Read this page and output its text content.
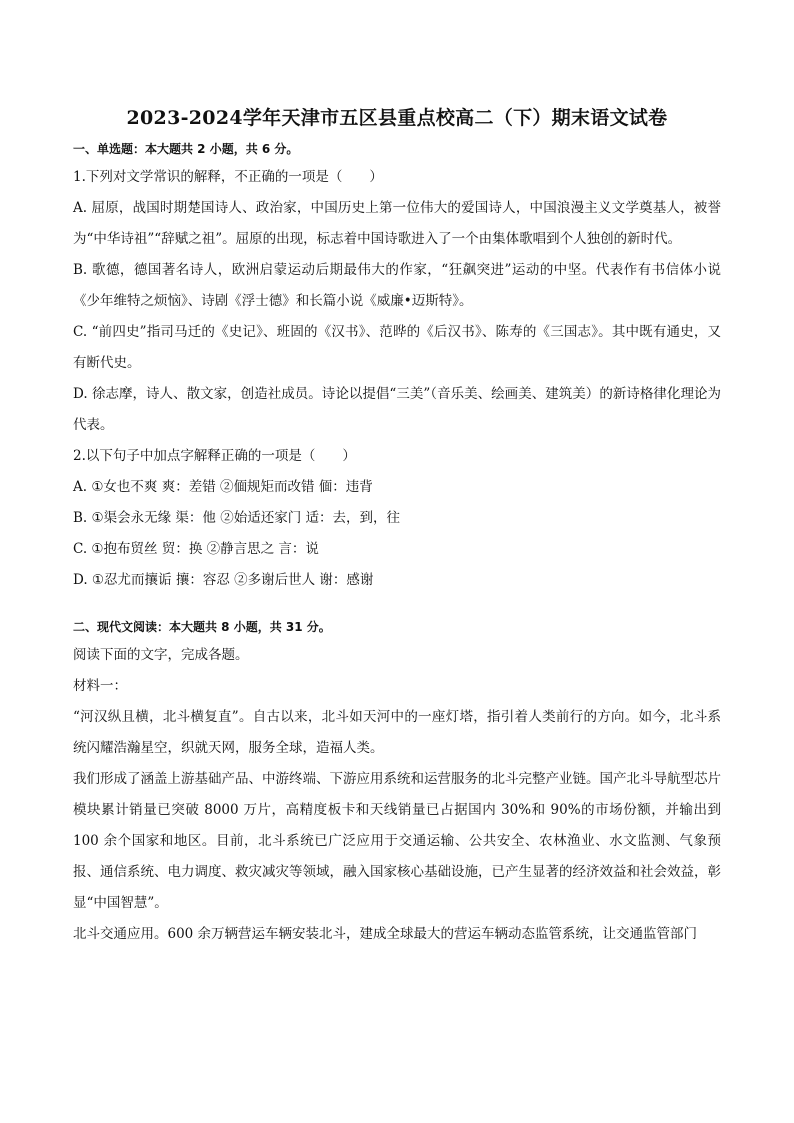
2023-2024学年天津市五区县重点校高二（下）期末语文试卷
一、单选题：本大题共 2 小题，共 6 分。

1.下列对文学常识的解释，不正确的一项是（　　）

A. 屈原，战国时期楚国诗人、政治家，中国历史上第一位伟大的爱国诗人，中国浪漫主义文学奠基人，被誉为“中华诗祖”“辞赋之祖”。屈原的出现，标志着中国诗歌进入了一个由集体歌唱到个人独创的新时代。

B. 歌德，德国著名诗人，欧洲启蒙运动后期最伟大的作家，“狂飙突进”运动的中坚。代表作有书信体小说《少年维特之烦恼》、诗剧《浮士德》和长篇小说《威廉•迈斯特》。

C. “前四史”指司马迁的《史记》、班固的《汉书》、范晔的《后汉书》、陈寿的《三国志》。其中既有通史，又有断代史。

D. 徐志摩，诗人、散文家，创造社成员。诗论以提倡“三美”（音乐美、绘画美、建筑美）的新诗格律化理论为代表。

2.以下句子中加点字解释正确的一项是（　　）

A. ①女也不爽 爽：差错 ②偭规矩而改错 偭：违背

B. ①渠会永无缘 渠：他 ②始适还家门 适：去，到，往

C. ①抱布贸丝 贸：换 ②静言思之 言：说

D. ①忍尤而攘诟 攘：容忍 ②多谢后世人 谢：感谢

二、现代文阅读：本大题共 8 小题，共 31 分。

阅读下面的文字，完成各题。

材料一：

“河汉纵且横，北斗横复直”。自古以来，北斗如天河中的一座灯塔，指引着人类前行的方向。如今，北斗系统闪耀浩瀚星空，织就天网，服务全球，造福人类。

我们形成了涵盖上游基础产品、中游终端、下游应用系统和运营服务的北斗完整产业链。国产北斗导航型芯片模块累计销量已突破 8000 万片，高精度板卡和天线销量已占据国内 30%和 90%的市场份额，并输出到 100 余个国家和地区。目前，北斗系统已广泛应用于交通运输、公共安全、农林渔业、水文监测、气象预报、通信系统、电力调度、救灾减灾等领域，融入国家核心基础设施，已产生显著的经济效益和社会效益，彰显“中国智慧”。

北斗交通应用。600 余万辆营运车辆安装北斗，建成全球最大的营运车辆动态监管系统，让交通监管部门
